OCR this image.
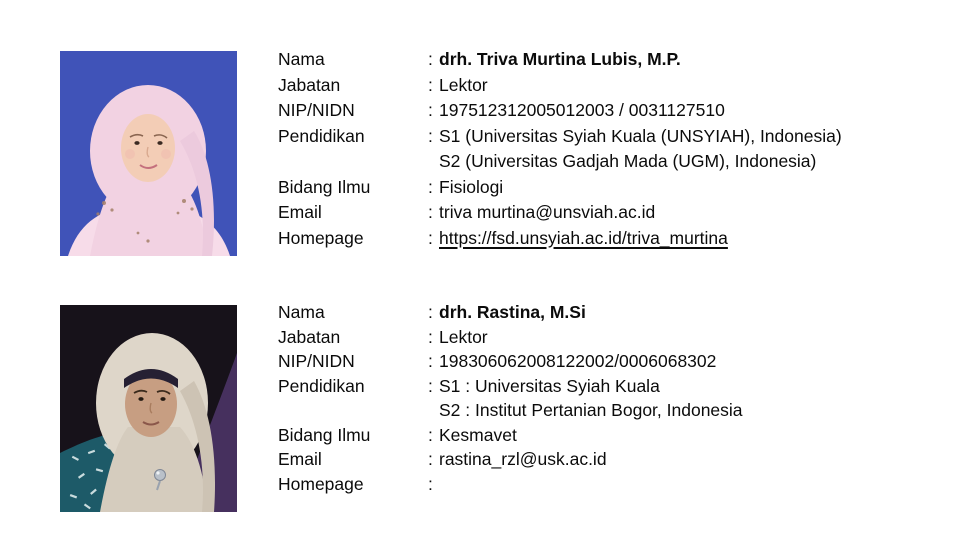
Nama	: drh. Triva Murtina Lubis, M.P.
Jabatan	: Lektor
NIP/NIDN	: 197512312005012003 / 0031127510
Pendidikan	: S1 (Universitas Syiah Kuala (UNSYIAH), Indonesia)
S2 (Universitas Gadjah Mada (UGM), Indonesia)
Bidang Ilmu	: Fisiologi
Email	: triva murtina@unsviah.ac.id
Homepage	: https://fsd.unsyiah.ac.id/triva_murtina
Nama	: drh. Rastina, M.Si
Jabatan	: Lektor
NIP/NIDN	: 198306062008122002/0006068302
Pendidikan	: S1 : Universitas Syiah Kuala
S2 : Institut Pertanian Bogor, Indonesia
Bidang Ilmu	: Kesmavet
Email	: rastina_rzl@usk.ac.id
Homepage	:
